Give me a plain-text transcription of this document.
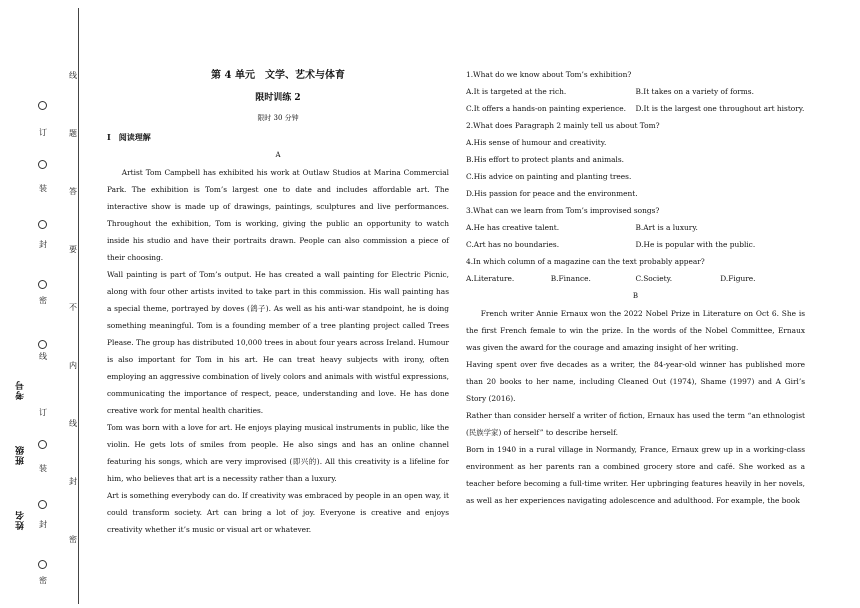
线
订	题
装	答
封
要
密
不
线
内
订
线
装
封
封
密
密
考号
班级
姓名
第 4 单元　文学、艺术与体育
限时训练 2
限时 30 分钟
Ⅰ　阅读理解
A

Artist Tom Campbell has exhibited his work at Outlaw Studios at Marina Commercial Park. The exhibition is Tom’s largest one to date and includes affordable art. The interactive show is made up of drawings, paintings, sculptures and live performances. Throughout the exhibition, Tom is working, giving the public an opportunity to watch inside his studio and have their portraits drawn. People can also commission a piece of their choosing.

Wall painting is part of Tom’s output. He has created a wall painting for Electric Picnic, along with four other artists invited to take part in this commission. His wall painting has a special theme, portrayed by doves (鸽子). As well as his anti-war standpoint, he is doing something meaningful. Tom is a founding member of a tree planting project called Trees Please. The group has distributed 10,000 trees in about four years across Ireland. Humour is also important for Tom in his art. He can treat heavy subjects with irony, often employing an aggressive combination of lively colors and animals with wistful expressions, communicating the importance of respect, peace, understanding and love. He has done creative work for mental health charities.

Tom was born with a love for art. He enjoys playing musical instruments in public, like the violin. He gets lots of smiles from people. He also sings and has an online channel featuring his songs, which are very improvised (即兴的). All this creativity is a lifeline for him, who believes that art is a necessity rather than a luxury.

Art is something everybody can do. If creativity was embraced by people in an open way, it could transform society. Art can bring a lot of joy. Everyone is creative and enjoys creativity whether it’s music or visual art or whatever.

1.What do we know about Tom’s exhibition?

A.It is targeted at the rich.	B.It takes on a variety of forms.
C.It offers a hands-on painting experience.	D.It is the largest one throughout art history.

2.What does Paragraph 2 mainly tell us about Tom?

A.His sense of humour and creativity.

B.His effort to protect plants and animals.

C.His advice on painting and planting trees.

D.His passion for peace and the environment.

3.What can we learn from Tom’s improvised songs?

A.He has creative talent.	B.Art is a luxury.
C.Art has no boundaries.	D.He is popular with the public.

4.In which column of a magazine can the text probably appear?

A.Literature.	B.Finance.	C.Society.	D.Figure.
B

French writer Annie Ernaux won the 2022 Nobel Prize in Literature on Oct 6. She is the first French female to win the prize. In the words of the Nobel Committee, Ernaux was given the award for the courage and amazing insight of her writing.

Having spent over five decades as a writer, the 84-year-old winner has published more than 20 books to her name, including Cleaned Out (1974), Shame (1997) and A Girl’s Story (2016).

Rather than consider herself a writer of fiction, Ernaux has used the term “an ethnologist (民族学家) of herself” to describe herself.

Born in 1940 in a rural village in Normandy, France, Ernaux grew up in a working-class environment as her parents ran a combined grocery store and café. She worked as a teacher before becoming a full-time writer. Her upbringing features heavily in her novels, as well as her experiences navigating adolescence and adulthood. For example, the book
